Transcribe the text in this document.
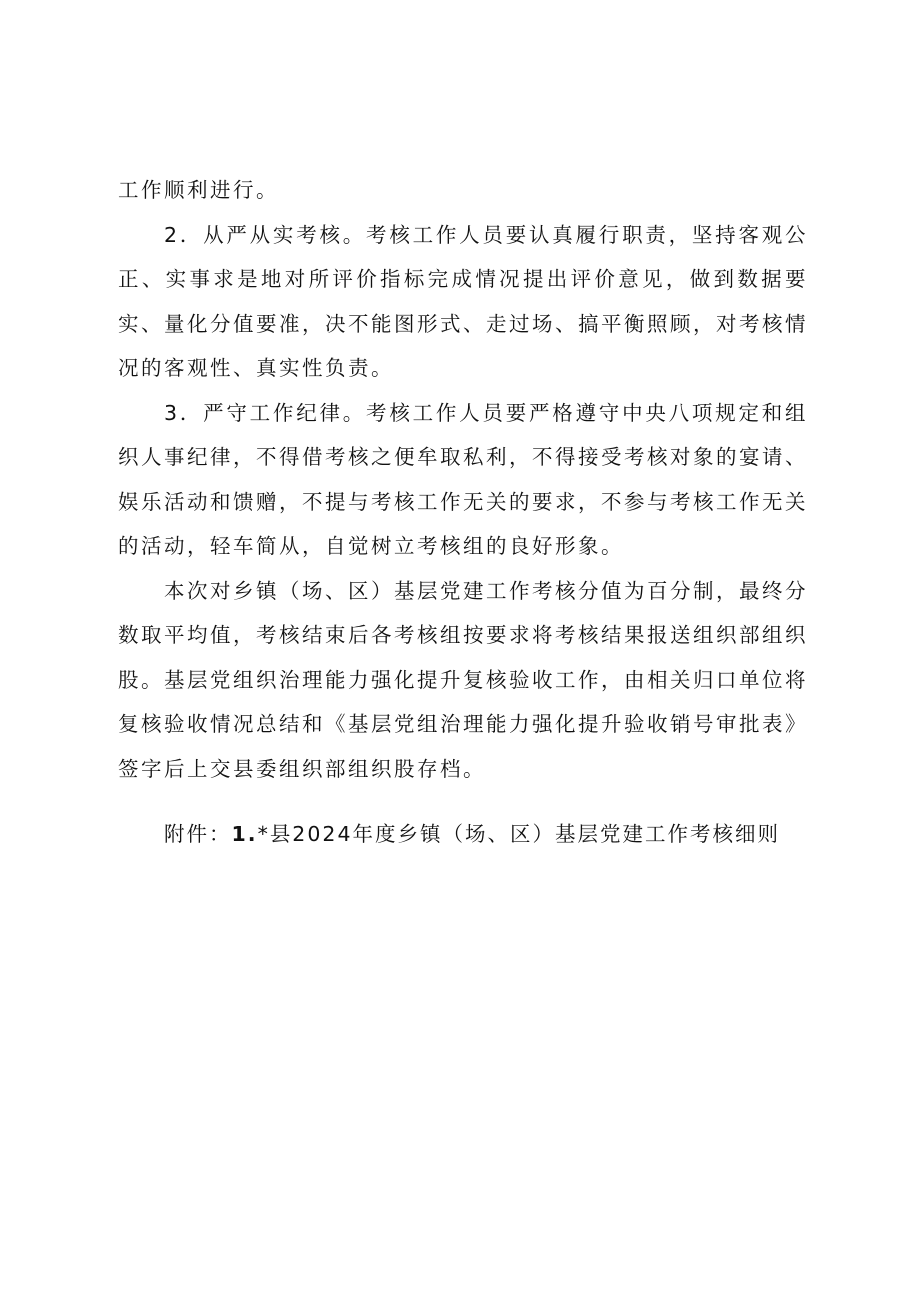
工作顺利进行。

2．从严从实考核。考核工作人员要认真履行职责，坚持客观公正、实事求是地对所评价指标完成情况提出评价意见，做到数据要实、量化分值要准，决不能图形式、走过场、搞平衡照顾，对考核情况的客观性、真实性负责。

3．严守工作纪律。考核工作人员要严格遵守中央八项规定和组织人事纪律，不得借考核之便牟取私利，不得接受考核对象的宴请、娱乐活动和馈赠，不提与考核工作无关的要求，不参与考核工作无关的活动，轻车简从，自觉树立考核组的良好形象。

本次对乡镇（场、区）基层党建工作考核分值为百分制，最终分数取平均值，考核结束后各考核组按要求将考核结果报送组织部组织股。基层党组织治理能力强化提升复核验收工作，由相关归口单位将复核验收情况总结和《基层党组治理能力强化提升验收销号审批表》签字后上交县委组织部组织股存档。

附件：1.*县2024年度乡镇（场、区）基层党建工作考核细则
